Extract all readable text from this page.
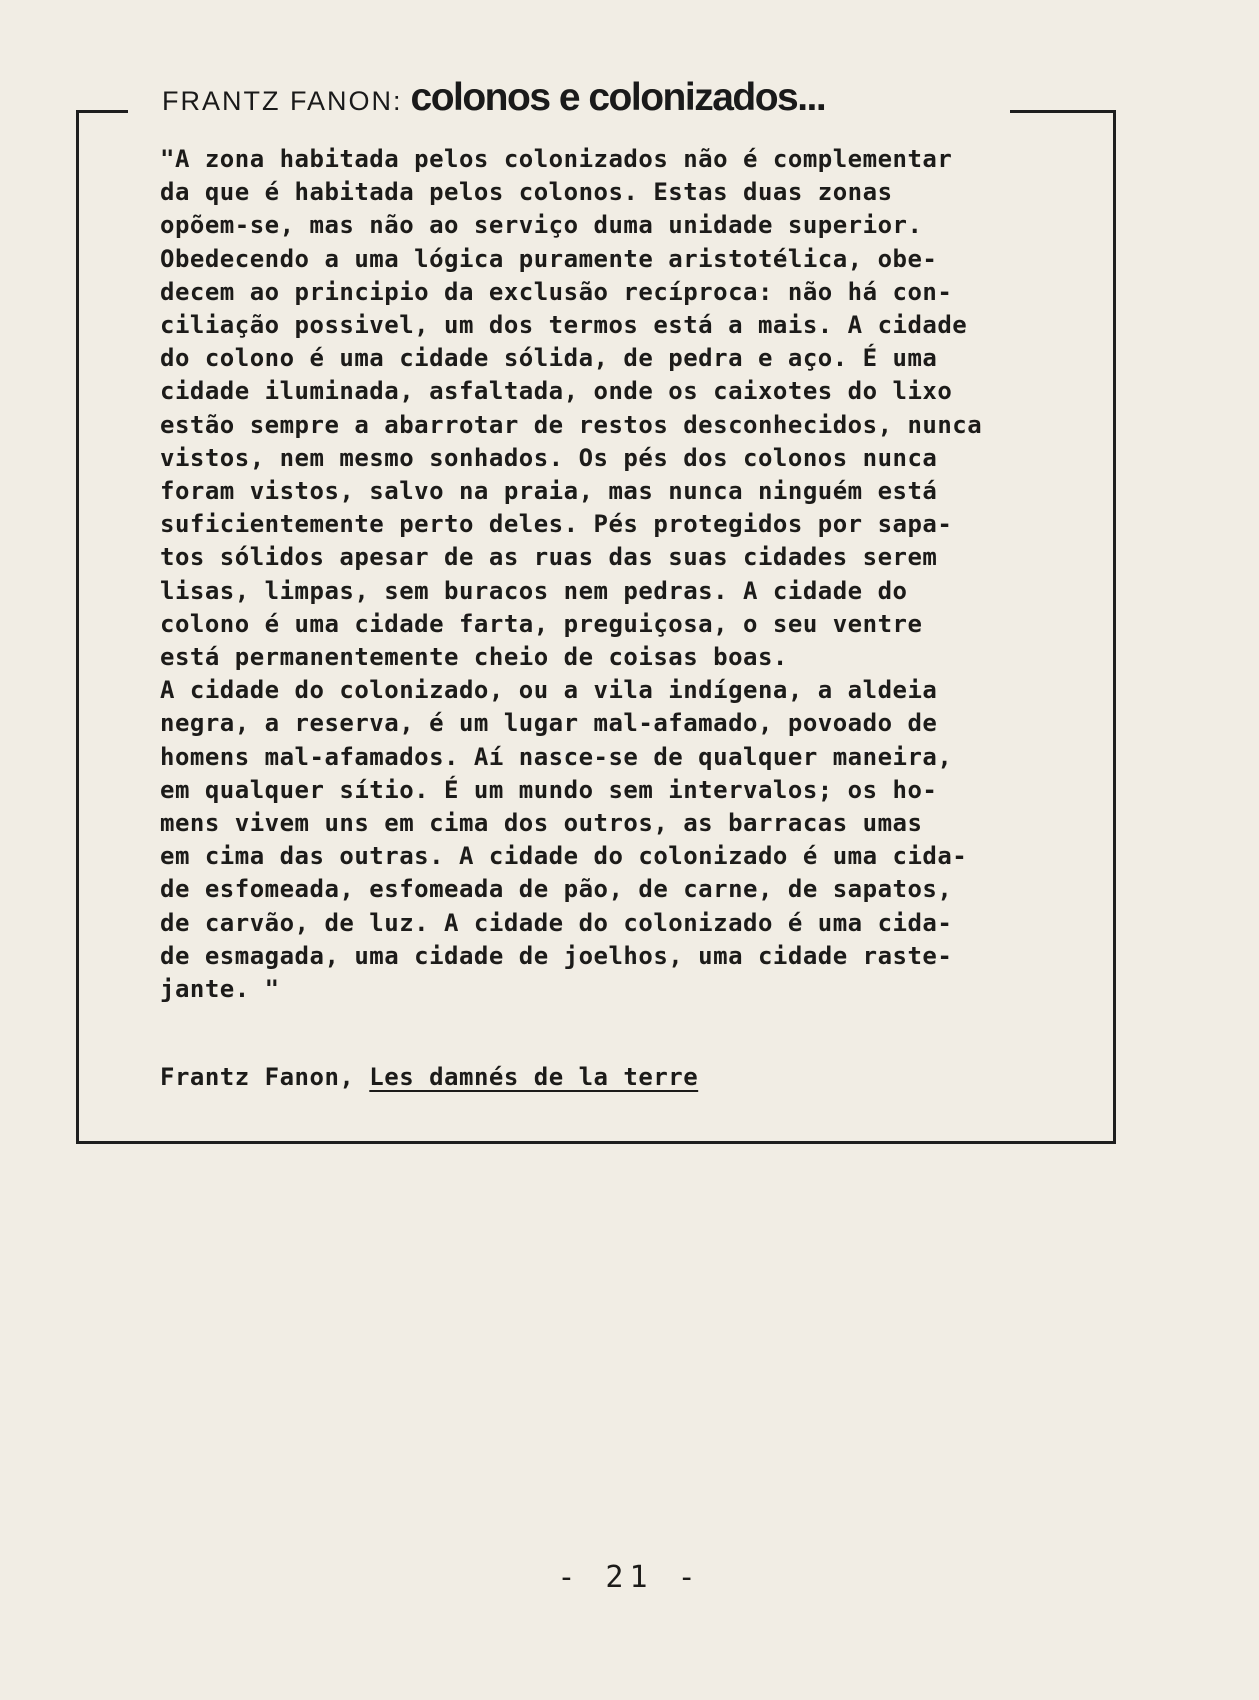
FRANTZ FANON: colonos e colonizados...
"A zona habitada pelos colonizados não é complementar
da que é habitada pelos colonos. Estas duas zonas
opõem-se, mas não ao serviço duma unidade superior.
Obedecendo a uma lógica puramente aristotélica, obe-
decem ao principio da exclusão recíproca: não há con-
ciliação possivel, um dos termos está a mais. A cidade
do colono é uma cidade sólida, de pedra e aço. É uma
cidade iluminada, asfaltada, onde os caixotes do lixo
estão sempre a abarrotar de restos desconhecidos, nunca
vistos, nem mesmo sonhados. Os pés dos colonos nunca
foram vistos, salvo na praia, mas nunca ninguém está
suficientemente perto deles. Pés protegidos por sapa-
tos sólidos apesar de as ruas das suas cidades serem
lisas, limpas, sem buracos nem pedras. A cidade do
colono é uma cidade farta, preguiçosa, o seu ventre
está permanentemente cheio de coisas boas.
A cidade do colonizado, ou a vila indígena, a aldeia
negra, a reserva, é um lugar mal-afamado, povoado de
homens mal-afamados. Aí nasce-se de qualquer maneira,
em qualquer sítio. É um mundo sem intervalos; os ho-
mens vivem uns em cima dos outros, as barracas umas
em cima das outras. A cidade do colonizado é uma cida-
de esfomeada, esfomeada de pão, de carne, de sapatos,
de carvão, de luz. A cidade do colonizado é uma cida-
de esmagada, uma cidade de joelhos, uma cidade raste-
jante. "
Frantz Fanon, Les damnés de la terre
- 21 -
